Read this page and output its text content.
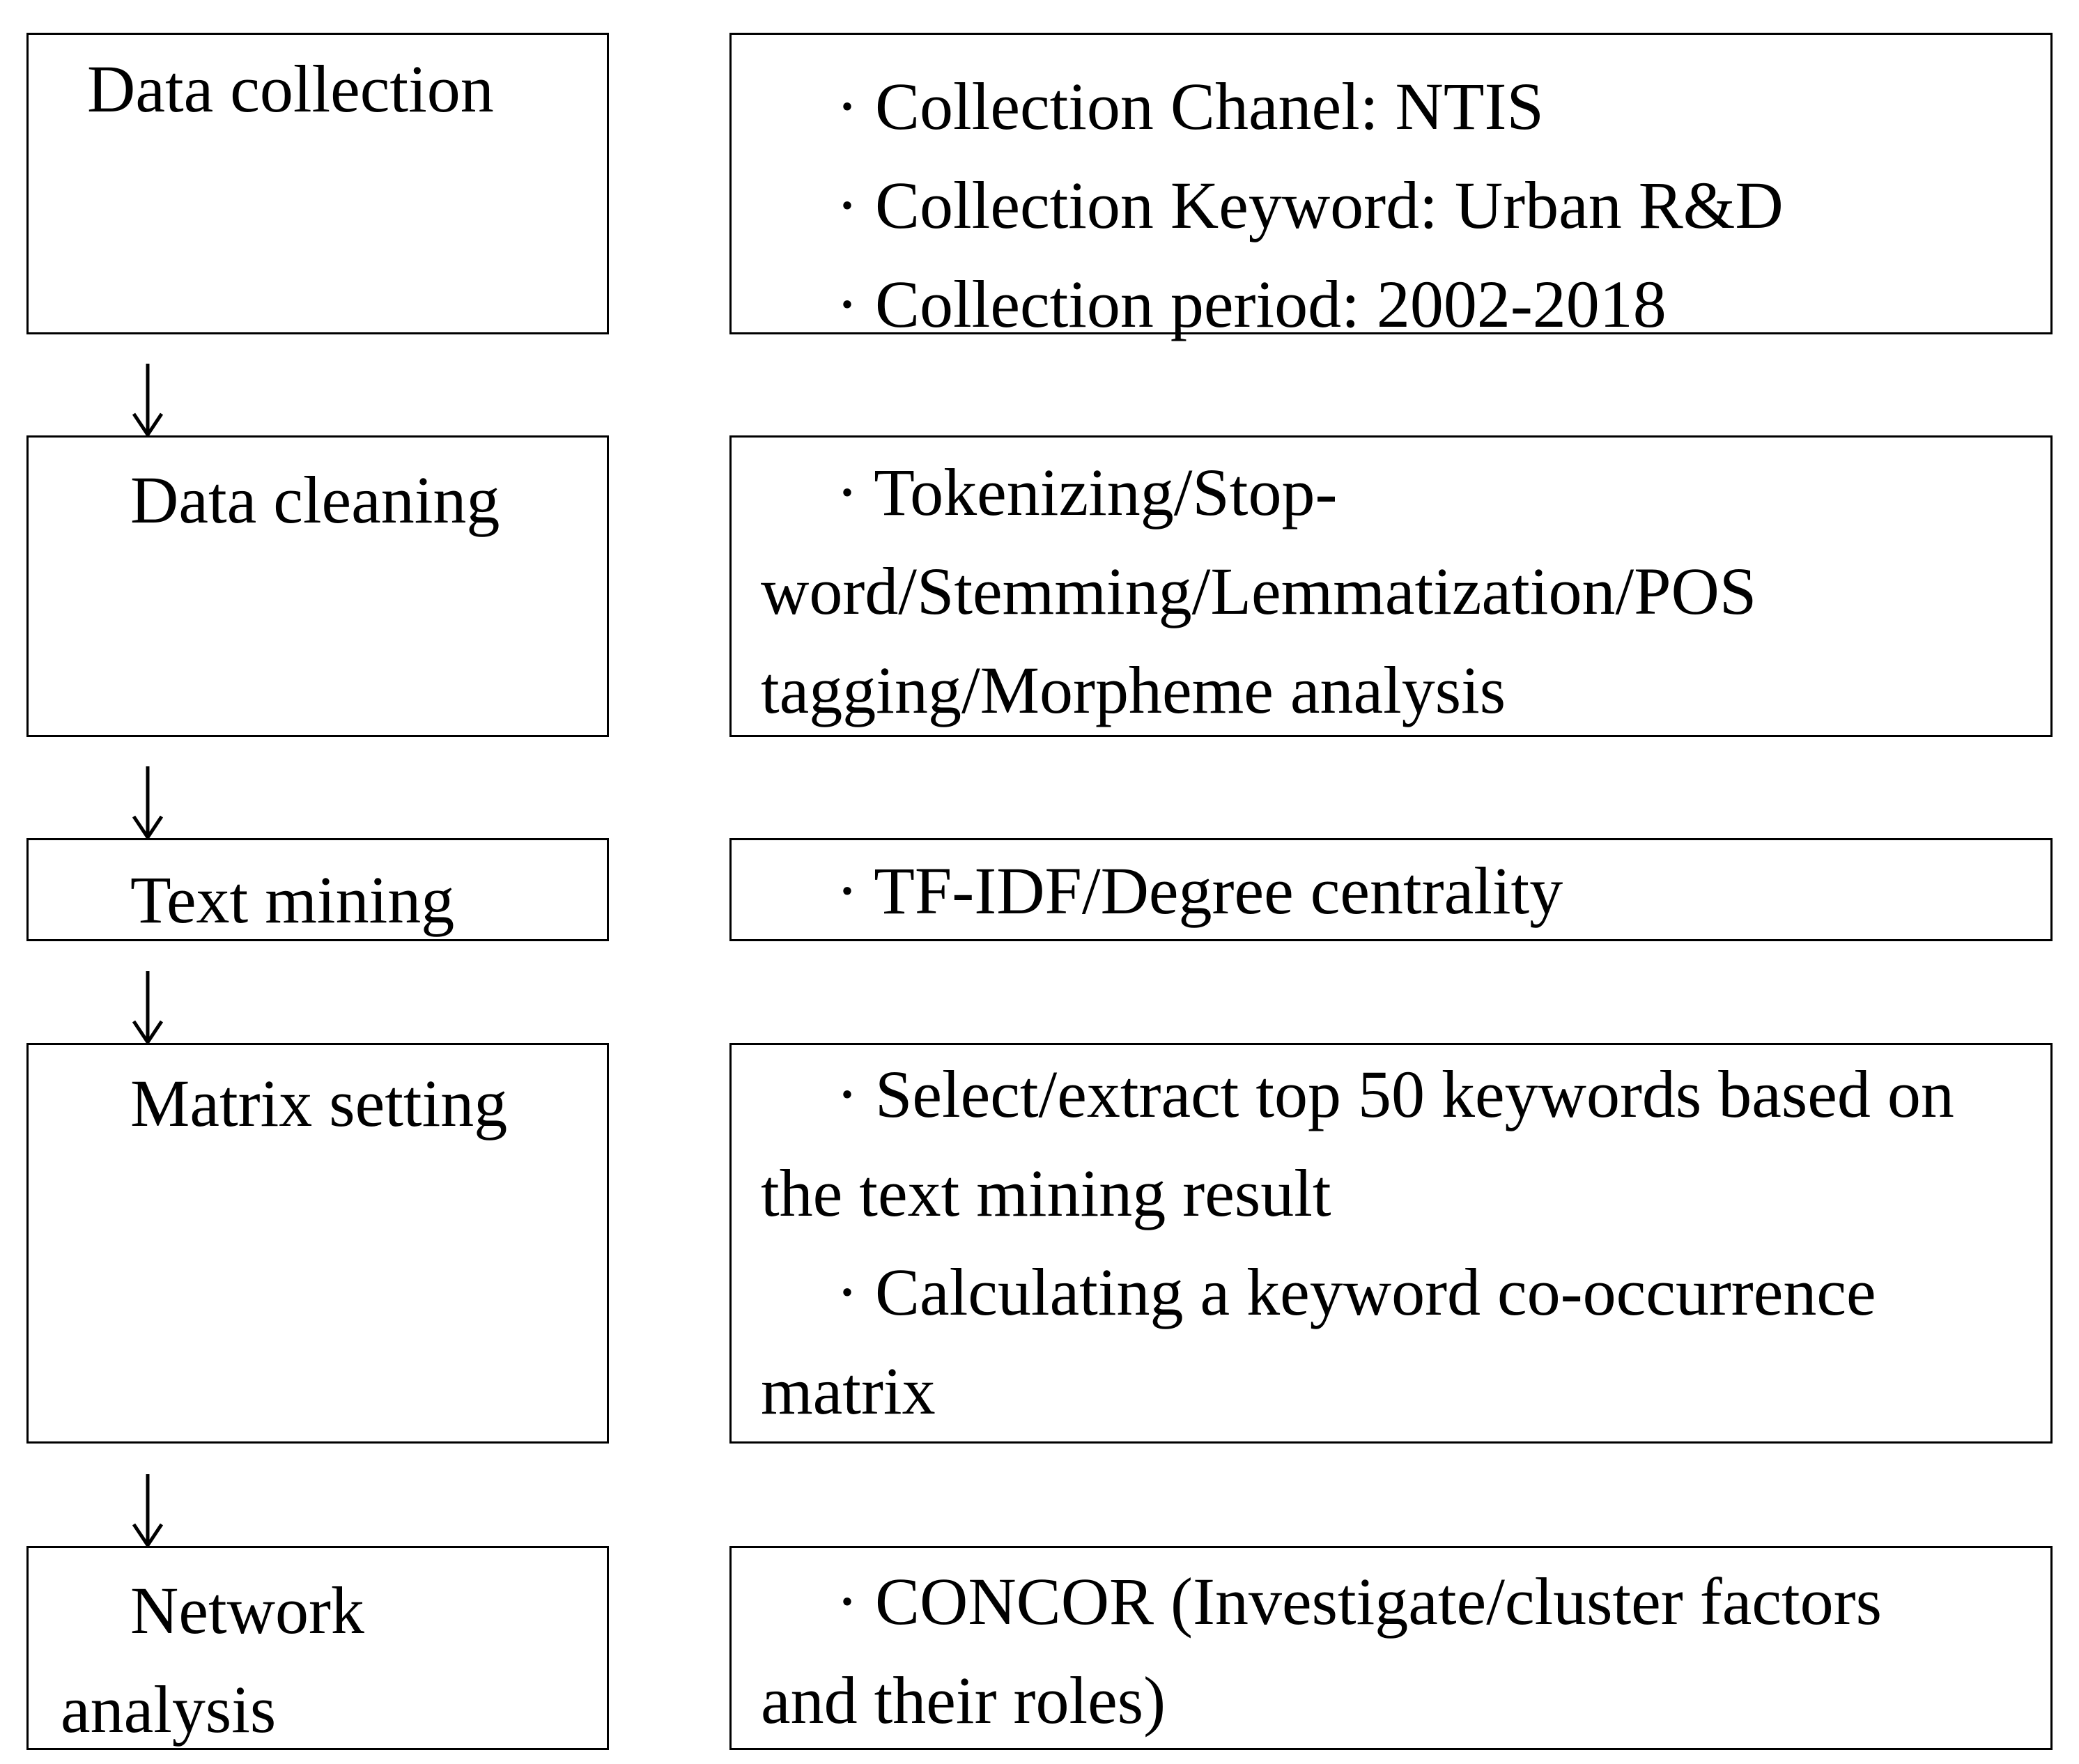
Data collection	· Collection Chanel: NTIS
· Collection Keyword: Urban R&D
· Collection period: 2002-2018
Data cleaning	· Tokenizing/Stop-
word/Stemming/Lemmatization/POS
tagging/Morpheme analysis
Text mining	· TF-IDF/Degree centrality
Matrix setting	· Select/extract top 50 keywords based on
the text mining result
· Calculating a keyword co-occurrence
matrix
Network
analysis
· CONCOR (Investigate/cluster factors
and their roles)
